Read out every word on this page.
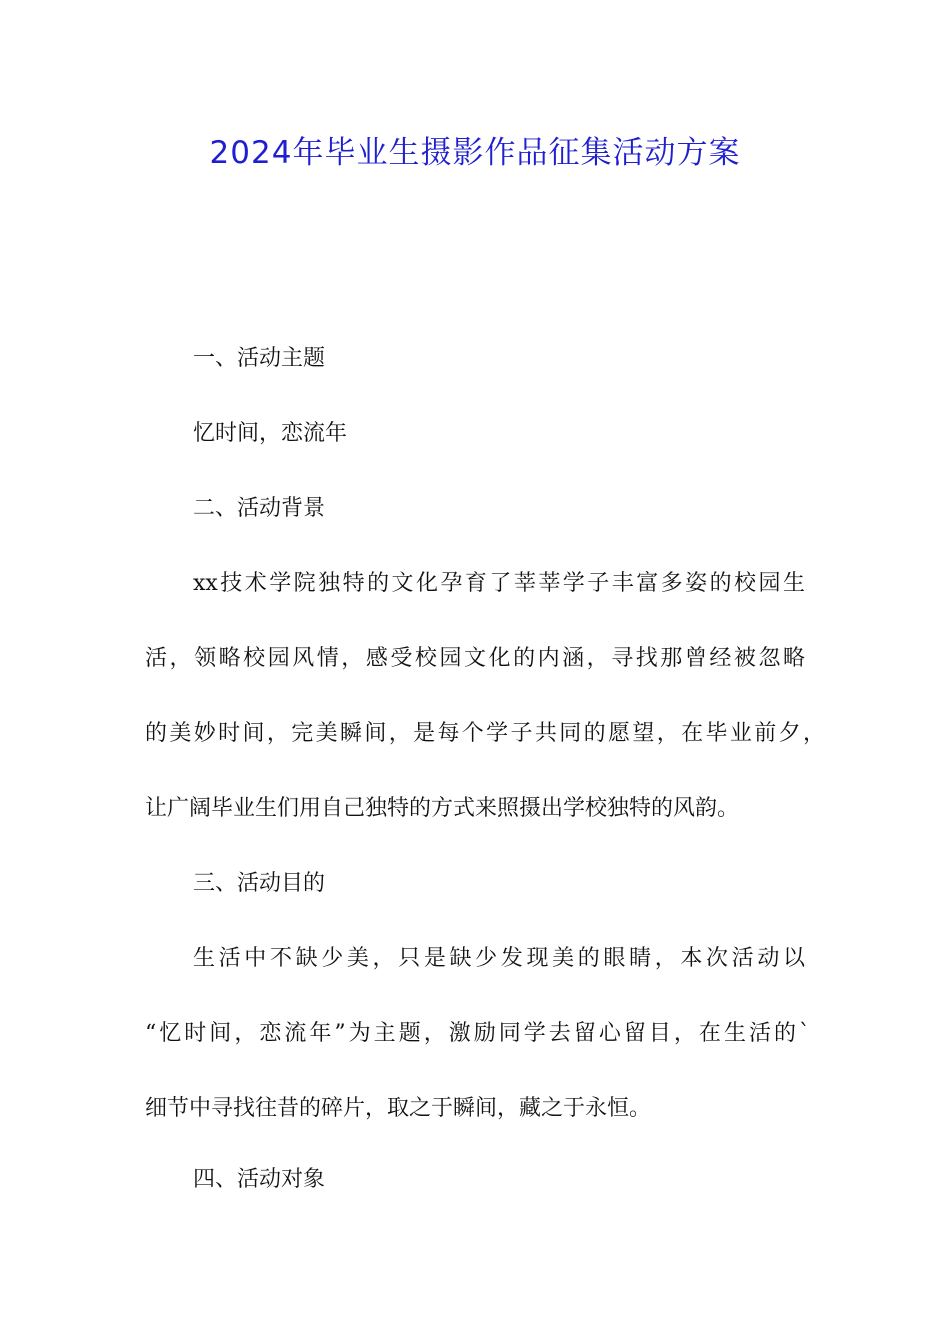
2024年毕业生摄影作品征集活动方案
一、活动主题
忆时间，恋流年
二、活动背景
xx技术学院独特的文化孕育了莘莘学子丰富多姿的校园生
活，领略校园风情，感受校园文化的内涵，寻找那曾经被忽略
的美妙时间，完美瞬间，是每个学子共同的愿望，在毕业前夕，
让广阔毕业生们用自己独特的方式来照摄出学校独特的风韵。
三、活动目的
生活中不缺少美，只是缺少发现美的眼睛，本次活动以
“忆时间，恋流年”为主题，激励同学去留心留目，在生活的`
细节中寻找往昔的碎片，取之于瞬间，藏之于永恒。
四、活动对象
